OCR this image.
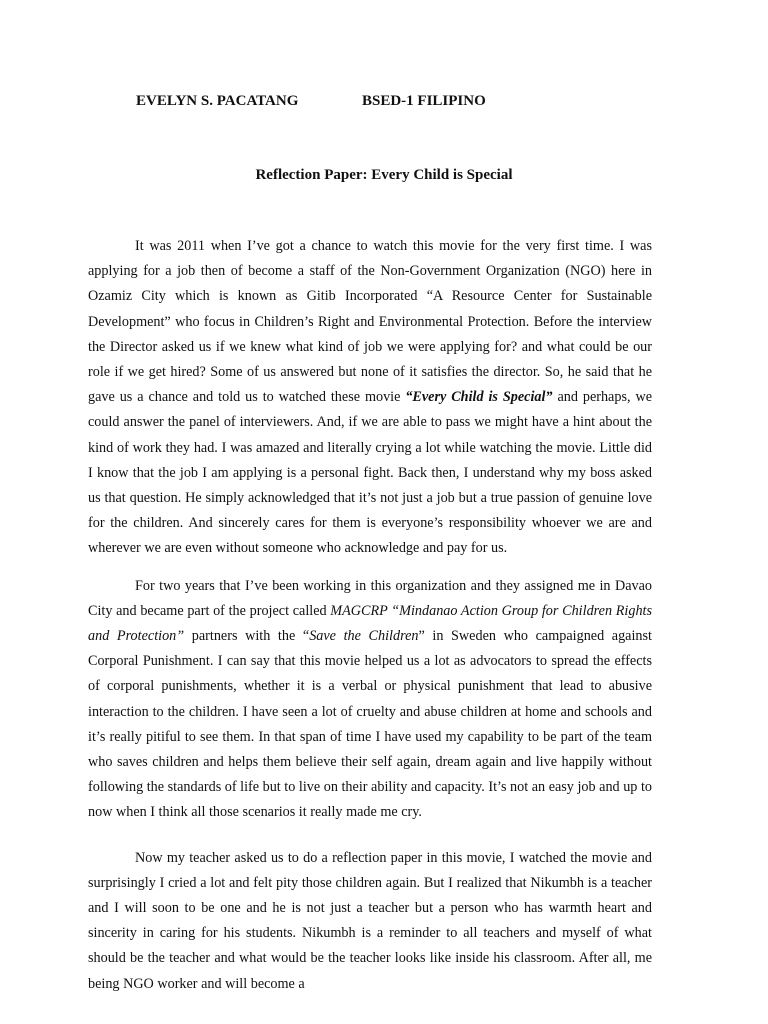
EVELYN S. PACATANG	BSED-1 FILIPINO
Reflection Paper: Every Child is Special

It was 2011 when I’ve got a chance to watch this movie for the very first time. I was applying for a job then of become a staff of the Non-Government Organization (NGO) here in Ozamiz City which is known as Gitib Incorporated “A Resource Center for Sustainable Development” who focus in Children’s Right and Environmental Protection. Before the interview the Director asked us if we knew what kind of job we were applying for? and what could be our role if we get hired? Some of us answered but none of it satisfies the director. So, he said that he gave us a chance and told us to watched these movie “Every Child is Special” and perhaps, we could answer the panel of interviewers. And, if we are able to pass we might have a hint about the kind of work they had. I was amazed and literally crying a lot while watching the movie. Little did I know that the job I am applying is a personal fight. Back then, I understand why my boss asked us that question. He simply acknowledged that it’s not just a job but a true passion of genuine love for the children. And sincerely cares for them is everyone’s responsibility whoever we are and wherever we are even without someone who acknowledge and pay for us.

For two years that I’ve been working in this organization and they assigned me in Davao City and became part of the project called MAGCRP “Mindanao Action Group for Children Rights and Protection” partners with the “Save the Children” in Sweden who campaigned against Corporal Punishment. I can say that this movie helped us a lot as advocators to spread the effects of corporal punishments, whether it is a verbal or physical punishment that lead to abusive interaction to the children. I have seen a lot of cruelty and abuse children at home and schools and it’s really pitiful to see them. In that span of time I have used my capability to be part of the team who saves children and helps them believe their self again, dream again and live happily without following the standards of life but to live on their ability and capacity. It’s not an easy job and up to now when I think all those scenarios it really made me cry.

Now my teacher asked us to do a reflection paper in this movie, I watched the movie and surprisingly I cried a lot and felt pity those children again. But I realized that Nikumbh is a teacher and I will soon to be one and he is not just a teacher but a person who has warmth heart and sincerity in caring for his students. Nikumbh is a reminder to all teachers and myself of what should be the teacher and what would be the teacher looks like inside his classroom. After all, me being NGO worker and will become a
